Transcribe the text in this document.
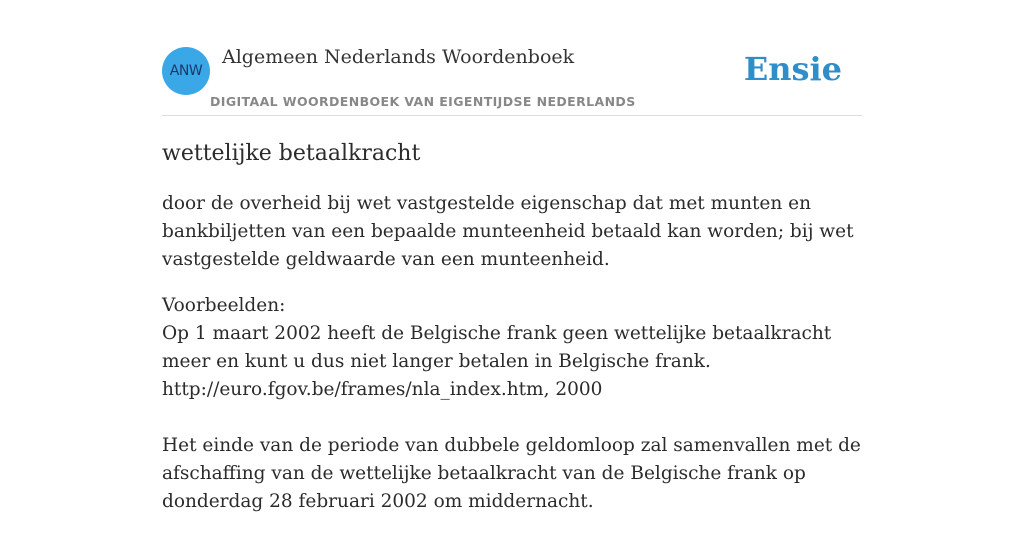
ANW
Algemeen Nederlands Woordenboek
DIGITAAL WOORDENBOEK VAN EIGENTIJDSE NEDERLANDS
Ensie
wettelijke betaalkracht

door de overheid bij wet vastgestelde eigenschap dat met munten en bankbiljetten van een bepaalde munteenheid betaald kan worden; bij wet vastgestelde geldwaarde van een munteenheid.

Voorbeelden:

Op 1 maart 2002 heeft de Belgische frank geen wettelijke betaalkracht meer en kunt u dus niet langer betalen in Belgische frank.

http://euro.fgov.be/frames/nla_index.htm, 2000

Het einde van de periode van dubbele geldomloop zal samenvallen met de afschaffing van de wettelijke betaalkracht van de Belgische frank op donderdag 28 februari 2002 om middernacht.
